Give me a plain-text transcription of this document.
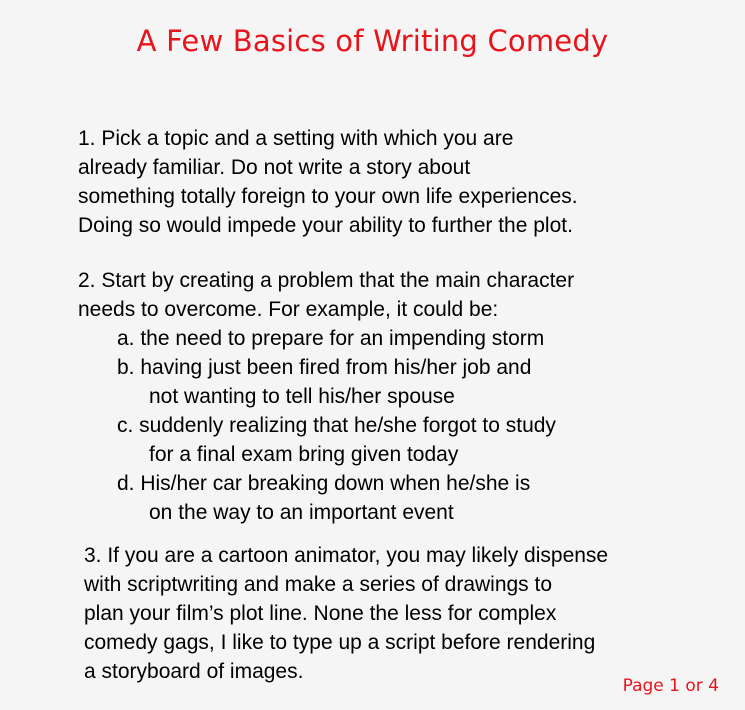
A Few Basics of Writing Comedy
1. Pick a topic and a setting with which you are
already familiar. Do not write a story about
something totally foreign to your own life experiences.
Doing so would impede your ability to further the plot.
2. Start by creating a problem that the main character
needs to overcome. For example, it could be:
a. the need to prepare for an impending storm
b. having just been fired from his/her job and
not wanting to tell his/her spouse
c. suddenly realizing that he/she forgot to study
for a final exam bring given today
d. His/her car breaking down when he/she is
on the way to an important event
3. If you are a cartoon animator, you may likely dispense
with scriptwriting and make a series of drawings to
plan your film’s plot line. None the less for complex
comedy gags, I like to type up a script before rendering
a storyboard of images.
Page 1 or 4
